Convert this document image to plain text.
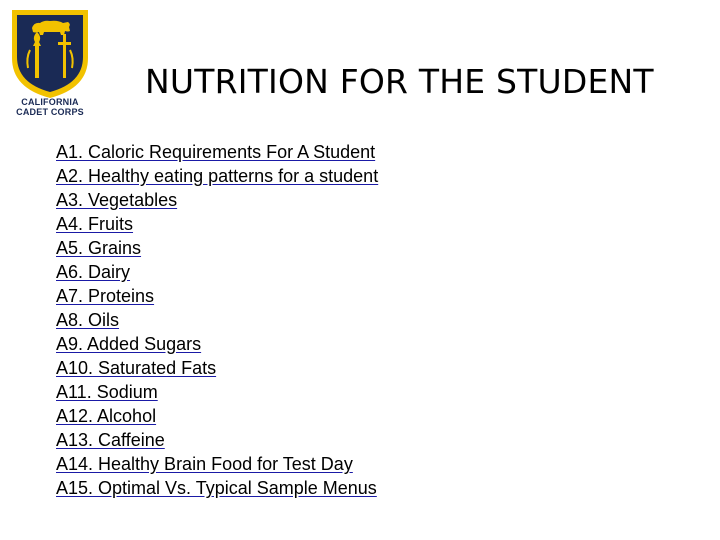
CALIFORNIA
CADET CORPS
NUTRITION FOR THE STUDENT
A1. Caloric Requirements For A Student
A2. Healthy eating patterns for a student
A3. Vegetables
A4. Fruits
A5. Grains
A6. Dairy
A7. Proteins
A8. Oils
A9. Added Sugars
A10. Saturated Fats
A11. Sodium
A12. Alcohol
A13. Caffeine
A14. Healthy Brain Food for Test Day
A15. Optimal Vs. Typical Sample Menus
